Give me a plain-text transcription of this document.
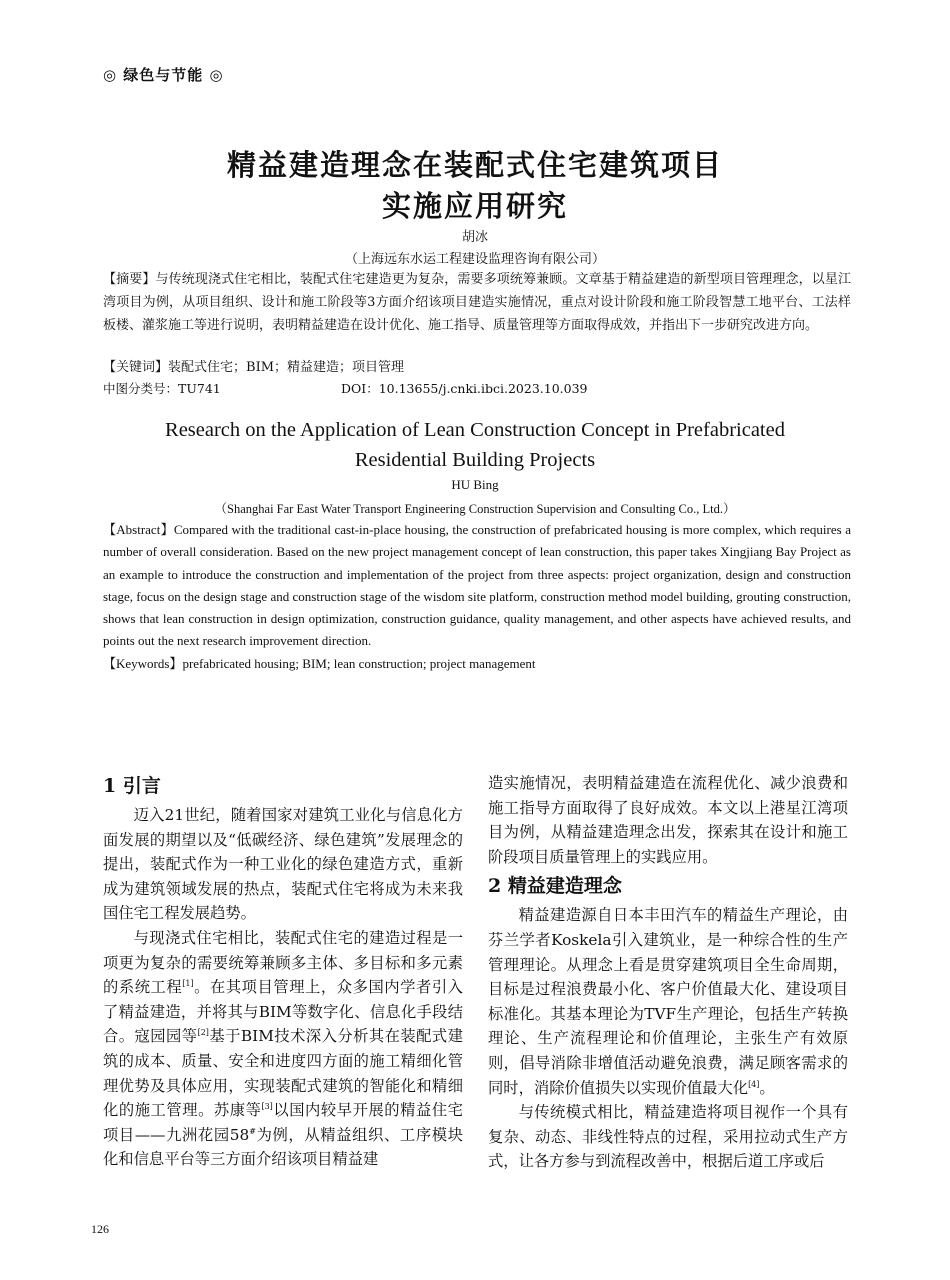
◎ 绿色与节能 ◎
精益建造理念在装配式住宅建筑项目
实施应用研究
胡冰
（上海远东水运工程建设监理咨询有限公司）
【摘要】与传统现浇式住宅相比，装配式住宅建造更为复杂，需要多项统筹兼顾。文章基于精益建造的新型项目管理理念，以星江湾项目为例，从项目组织、设计和施工阶段等3方面介绍该项目建造实施情况，重点对设计阶段和施工阶段智慧工地平台、工法样板楼、灌浆施工等进行说明，表明精益建造在设计优化、施工指导、质量管理等方面取得成效，并指出下一步研究改进方向。
【关键词】装配式住宅；BIM；精益建造；项目管理
中图分类号：TU741	DOI：10.13655/j.cnki.ibci.2023.10.039
Research on the Application of Lean Construction Concept in Prefabricated
Residential Building Projects
HU Bing
（Shanghai Far East Water Transport Engineering Construction Supervision and Consulting Co., Ltd.）
【Abstract】Compared with the traditional cast-in-place housing, the construction of prefabricated housing is more complex, which requires a number of overall consideration. Based on the new project management concept of lean construction, this paper takes Xingjiang Bay Project as an example to introduce the construction and implementation of the project from three aspects: project organization, design and construction stage, focus on the design stage and construction stage of the wisdom site platform, construction method model building, grouting construction, shows that lean construction in design optimization, construction guidance, quality management, and other aspects have achieved results, and points out the next research improvement direction.
【Keywords】prefabricated housing; BIM; lean construction; project management
1 引言

迈入21世纪，随着国家对建筑工业化与信息化方面发展的期望以及“低碳经济、绿色建筑”发展理念的提出，装配式作为一种工业化的绿色建造方式，重新成为建筑领域发展的热点，装配式住宅将成为未来我国住宅工程发展趋势。

与现浇式住宅相比，装配式住宅的建造过程是一项更为复杂的需要统筹兼顾多主体、多目标和多元素的系统工程[1]。在其项目管理上，众多国内学者引入了精益建造，并将其与BIM等数字化、信息化手段结合。寇园园等[2]基于BIM技术深入分析其在装配式建筑的成本、质量、安全和进度四方面的施工精细化管理优势及具体应用，实现装配式建筑的智能化和精细化的施工管理。苏康等[3]以国内较早开展的精益住宅项目——九洲花园58#为例，从精益组织、工序模块化和信息平台等三方面介绍该项目精益建

造实施情况，表明精益建造在流程优化、减少浪费和施工指导方面取得了良好成效。本文以上港星江湾项目为例，从精益建造理念出发，探索其在设计和施工阶段项目质量管理上的实践应用。

2 精益建造理念

精益建造源自日本丰田汽车的精益生产理论，由芬兰学者Koskela引入建筑业，是一种综合性的生产管理理论。从理念上看是贯穿建筑项目全生命周期，目标是过程浪费最小化、客户价值最大化、建设项目标准化。其基本理论为TVF生产理论，包括生产转换理论、生产流程理论和价值理论，主张生产有效原则，倡导消除非增值活动避免浪费，满足顾客需求的同时，消除价值损失以实现价值最大化[4]。

与传统模式相比，精益建造将项目视作一个具有复杂、动态、非线性特点的过程，采用拉动式生产方式，让各方参与到流程改善中，根据后道工序或后

126
